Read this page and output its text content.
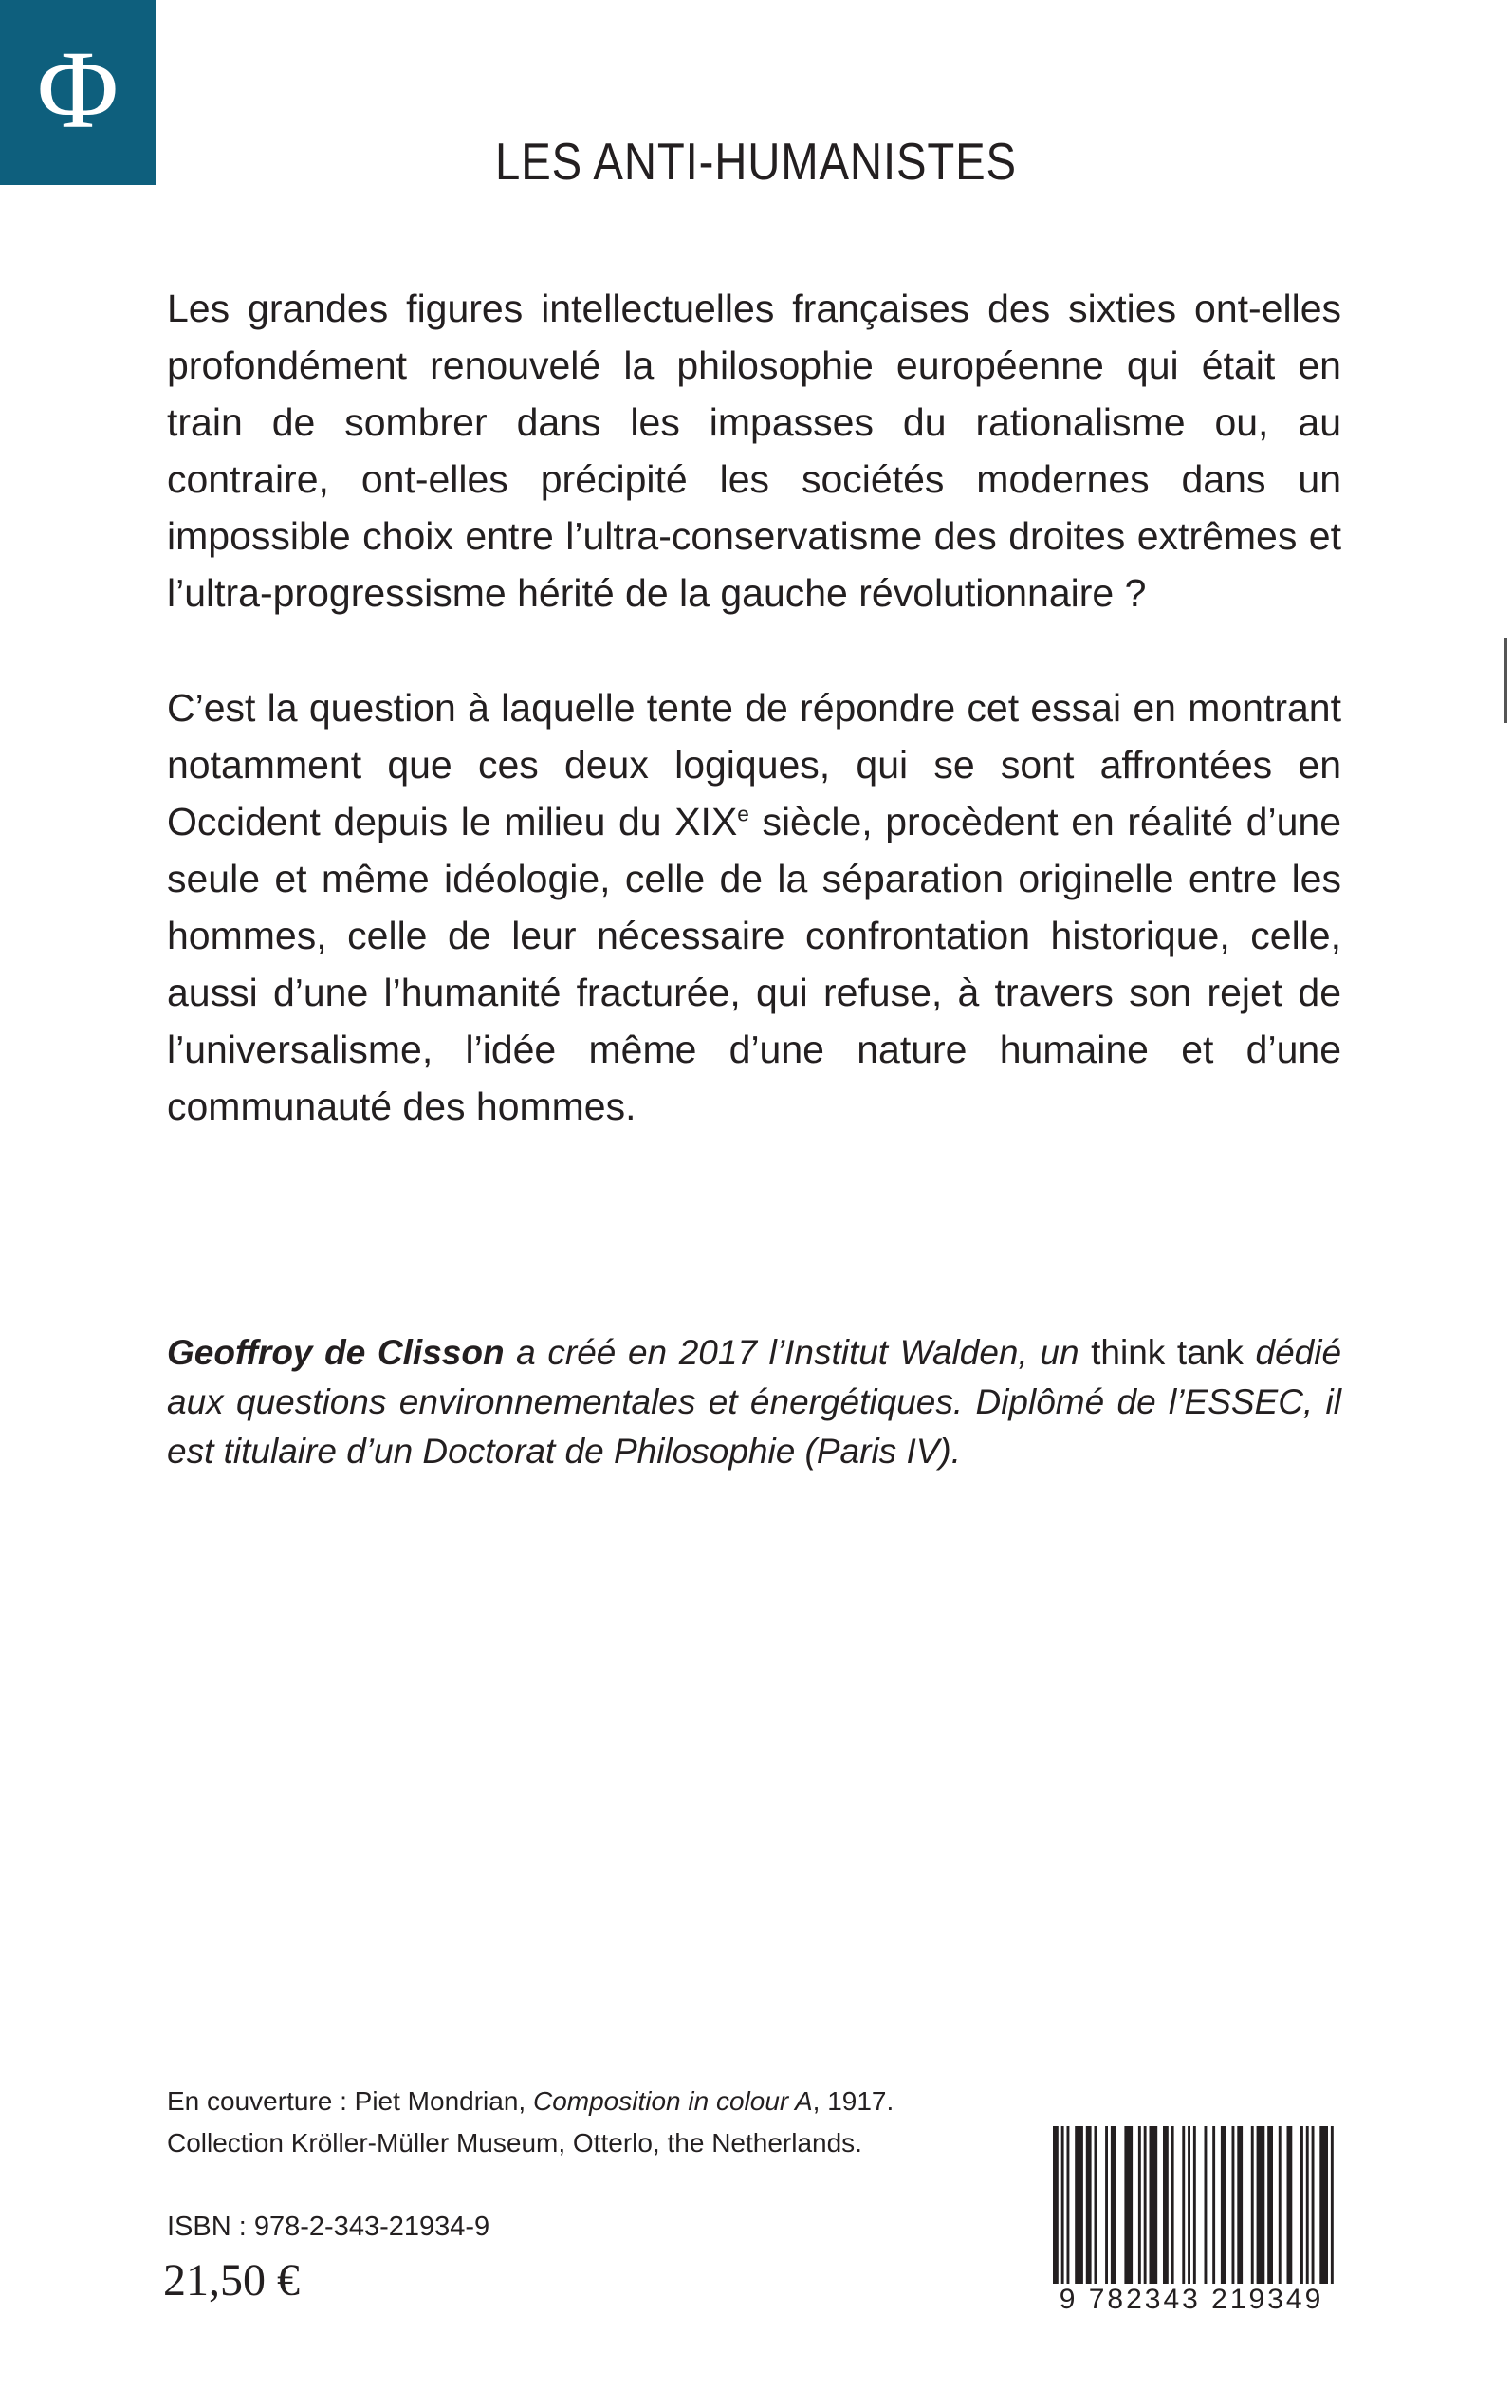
Φ
LES ANTI-HUMANISTES

Les grandes figures intellectuelles françaises des sixties ont-elles profondément renouvelé la philosophie européenne qui était en train de sombrer dans les impasses du rationalisme ou, au contraire, ont-elles précipité les sociétés modernes dans un impossible choix entre l’ultra-conservatisme des droites extrêmes et l’ultra-progressisme hérité de la gauche révolutionnaire ?

C’est la question à laquelle tente de répondre cet essai en montrant notamment que ces deux logiques, qui se sont affrontées en Occident depuis le milieu du XIXe siècle, procèdent en réalité d’une seule et même idéologie, celle de la séparation originelle entre les hommes, celle de leur nécessaire confrontation historique, celle, aussi d’une l’humanité fracturée, qui refuse, à travers son rejet de l’universalisme, l’idée même d’une nature humaine et d’une communauté des hommes.

Geoffroy de Clisson a créé en 2017 l’Institut Walden, un think tank dédié aux questions environnementales et énergétiques. Diplômé de l’ESSEC, il est titulaire d’un Doctorat de Philosophie (Paris IV).

En couverture : Piet Mondrian, Composition in colour A, 1917.
Collection Kröller-Müller Museum, Otterlo, the Netherlands.

ISBN : 978-2-343-21934-9

21,50 €	9 782343 219349
